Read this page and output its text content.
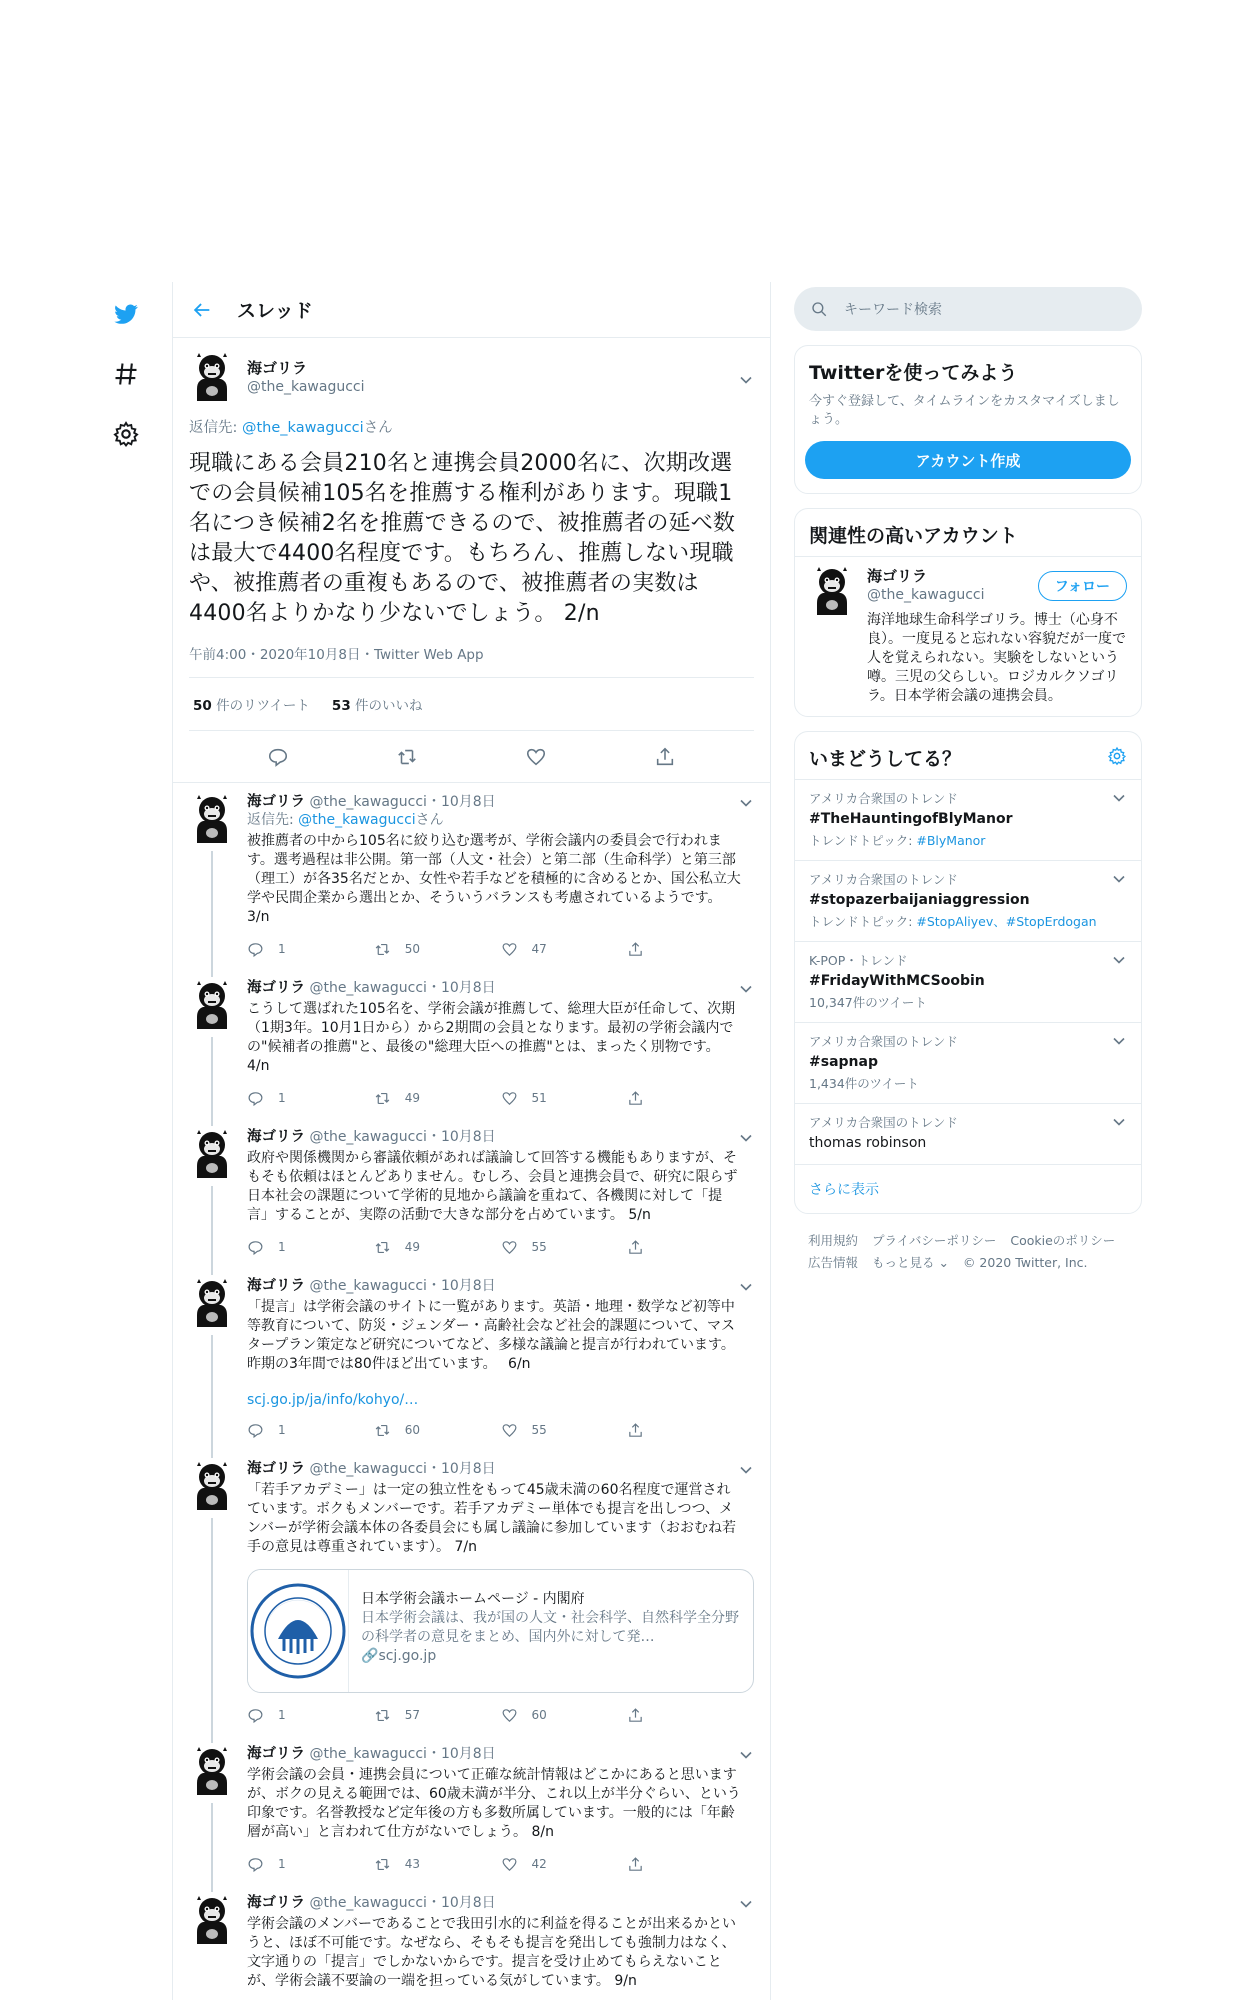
スレッド
海ゴリラ
@the_kawagucci
返信先: @the_kawagucciさん
現職にある会員210名と連携会員2000名に、次期改選での会員候補105名を推薦する権利があります。現職1名につき候補2名を推薦できるので、被推薦者の延べ数は最大で4400名程度です。もちろん、推薦しない現職や、被推薦者の重複もあるので、被推薦者の実数は4400名よりかなり少ないでしょう。 2/n
午前4:00・2020年10月8日・Twitter Web App
50 件のリツイート 53 件のいいね
海ゴリラ @the_kawagucci・10月8日
返信先: @the_kawagucciさん
被推薦者の中から105名に絞り込む選考が、学術会議内の委員会で行われます。選考過程は非公開。第一部（人文・社会）と第二部（生命科学）と第三部（理工）が各35名だとか、女性や若手などを積極的に含めるとか、国公私立大学や民間企業から選出とか、そういうバランスも考慮されているようです。 3/n
1	50	47
海ゴリラ @the_kawagucci・10月8日
こうして選ばれた105名を、学術会議が推薦して、総理大臣が任命して、次期（1期3年。10月1日から）から2期間の会員となります。最初の学術会議内での"候補者の推薦"と、最後の"総理大臣への推薦"とは、まったく別物です。 4/n
1	49	51
海ゴリラ @the_kawagucci・10月8日
政府や関係機関から審議依頼があれば議論して回答する機能もありますが、そもそも依頼はほとんどありません。むしろ、会員と連携会員で、研究に限らず日本社会の課題について学術的見地から議論を重ねて、各機関に対して「提言」することが、実際の活動で大きな部分を占めています。 5/n
1	49	55
海ゴリラ @the_kawagucci・10月8日
「提言」は学術会議のサイトに一覧があります。英語・地理・数学など初等中等教育について、防災・ジェンダー・高齢社会など社会的課題について、マスタープラン策定など研究についてなど、多様な議論と提言が行われています。昨期の3年間では80件ほど出ています。　 6/n
scj.go.jp/ja/info/kohyo/…
1	60	55
海ゴリラ @the_kawagucci・10月8日
「若手アカデミー」は一定の独立性をもって45歳未満の60名程度で運営されています。ボクもメンバーです。若手アカデミー単体でも提言を出しつつ、メンバーが学術会議本体の各委員会にも属し議論に参加しています（おおむね若手の意見は尊重されています）。 7/n
日本学術会議ホームページ - 内閣府
日本学術会議は、我が国の人文・社会科学、自然科学全分野の科学者の意見をまとめ、国内外に対して発…
🔗scj.go.jp
1	57	60
海ゴリラ @the_kawagucci・10月8日
学術会議の会員・連携会員について正確な統計情報はどこかにあると思いますが、ボクの見える範囲では、60歳未満が半分、これ以上が半分ぐらい、という印象です。名誉教授など定年後の方も多数所属しています。一般的には「年齢層が高い」と言われて仕方がないでしょう。 8/n
1	43	42
海ゴリラ @the_kawagucci・10月8日
学術会議のメンバーであることで我田引水的に利益を得ることが出来るかというと、ほぼ不可能です。なぜなら、そもそも提言を発出しても強制力はなく、文字通りの「提言」でしかないからです。提言を受け止めてもらえないことが、学術会議不要論の一端を担っている気がしています。 9/n
キーワード検索
Twitterを使ってみよう
今すぐ登録して、タイムラインをカスタマイズしましょう。
アカウント作成
関連性の高いアカウント
海ゴリラ
@the_kawagucci
海洋地球生命科学ゴリラ。博士（心身不良）。一度見ると忘れない容貌だが一度で人を覚えられない。実験をしないという噂。三児の父らしい。ロジカルクソゴリラ。日本学術会議の連携会員。
フォロー
いまどうしてる？
アメリカ合衆国のトレンド
#TheHauntingofBlyManor
トレンドトピック: #BlyManor
アメリカ合衆国のトレンド
#stopazerbaijaniaggression
トレンドトピック: #StopAliyev、#StopErdogan
K-POP・トレンド
#FridayWithMCSoobin
10,347件のツイート
アメリカ合衆国のトレンド
#sapnap
1,434件のツイート
アメリカ合衆国のトレンド
thomas robinson
さらに表示
利用規約 プライバシーポリシー Cookieのポリシー
広告情報 もっと見る ⌄ © 2020 Twitter, Inc.
